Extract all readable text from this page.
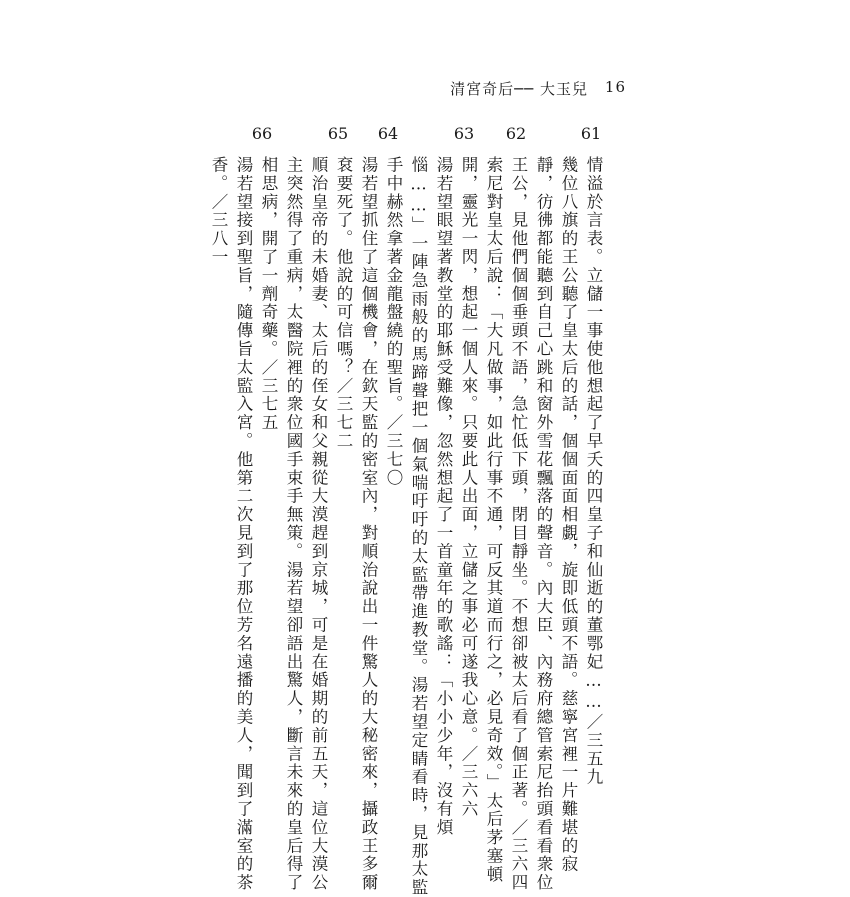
清宮奇后── 大玉兒 16
61
情溢於言表。立儲一事使他想起了早夭的四皇子和仙逝的董鄂妃……／三五九
幾位八旗的王公聽了皇太后的話，個個面面相覷，旋即低頭不語。慈寧宮裡一片難堪的寂
靜，彷彿都能聽到自己心跳和窗外雪花飄落的聲音。內大臣、內務府總管索尼抬頭看看衆位
王公，見他們個個垂頭不語，急忙低下頭，閉目靜坐。不想卻被太后看了個正著。／三六四
62
索尼對皇太后說：「大凡做事，如此行事不通，可反其道而行之，必見奇效。」太后茅塞頓
開，靈光一閃，想起一個人來。只要此人出面，立儲之事必可遂我心意。／三六六
63
湯若望眼望著教堂的耶穌受難像，忽然想起了一首童年的歌謠：「小小少年，沒有煩
惱……」一陣急雨般的馬蹄聲把一個氣喘吁吁的太監帶進教堂。湯若望定睛看時，見那太監
手中赫然拿著金龍盤繞的聖旨。／三七〇
64
湯若望抓住了這個機會，在欽天監的密室內，對順治說出一件驚人的大秘密來，攝政王多爾
袞要死了。他說的可信嗎？／三七二
65
順治皇帝的未婚妻、太后的侄女和父親從大漠趕到京城，可是在婚期的前五天，這位大漠公
主突然得了重病，太醫院裡的衆位國手束手無策。湯若望卻語出驚人，斷言未來的皇后得了
相思病，開了一劑奇藥。／三七五
66
湯若望接到聖旨，隨傳旨太監入宮。他第二次見到了那位芳名遠播的美人，聞到了滿室的茶
香。／三八一
